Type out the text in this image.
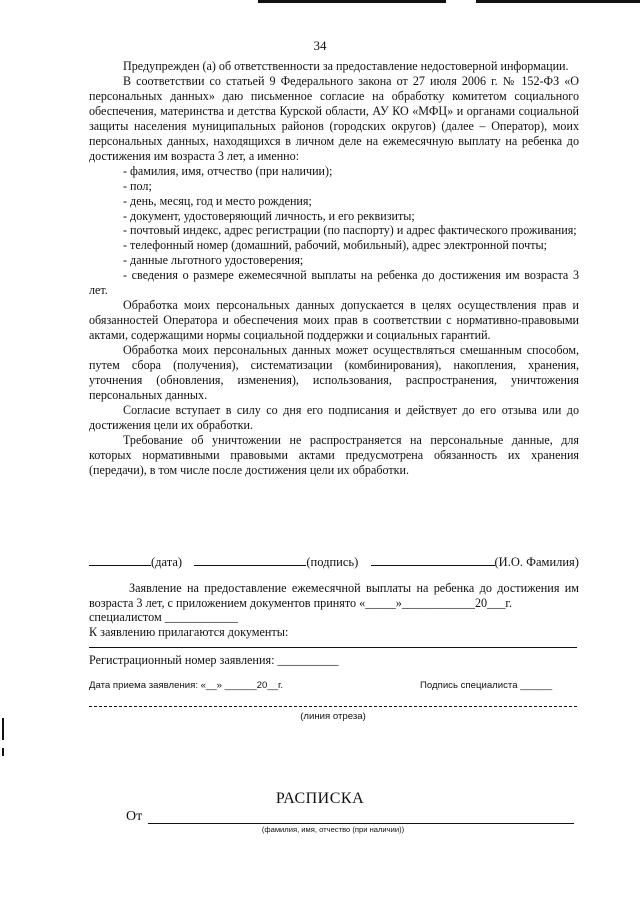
34

Предупрежден (а) об ответственности за предоставление недостоверной информации.

В соответствии со статьей 9 Федерального закона от 27 июля 2006 г. № 152-ФЗ «О персональных данных» даю письменное согласие на обработку комитетом социального обеспечения, материнства и детства Курской области, АУ КО «МФЦ» и органами социальной защиты населения муниципальных районов (городских округов) (далее – Оператор), моих персональных данных, находящихся в личном деле на ежемесячную выплату на ребенка до достижения им возраста 3 лет, а именно:

- фамилия, имя, отчество (при наличии);

- пол;

- день, месяц, год и место рождения;

- документ, удостоверяющий личность, и его реквизиты;

- почтовый индекс, адрес регистрации (по паспорту) и адрес фактического проживания;

- телефонный номер (домашний, рабочий, мобильный), адрес электронной почты;

- данные льготного удостоверения;

- сведения о размере ежемесячной выплаты на ребенка до достижения им возраста 3 лет.

Обработка моих персональных данных допускается в целях осуществления прав и обязанностей Оператора и обеспечения моих прав в соответствии с нормативно-правовыми актами, содержащими нормы социальной поддержки и социальных гарантий.

Обработка моих персональных данных может осуществляться смешанным способом, путем сбора (получения), систематизации (комбинирования), накопления, хранения, уточнения (обновления, изменения), использования, распространения, уничтожения персональных данных.

Согласие вступает в силу со дня его подписания и действует до его отзыва или до достижения цели их обработки.

Требование об уничтожении не распространяется на персональные данные, для которых нормативными правовыми актами предусмотрена обязанность их хранения (передачи), в том числе после достижения цели их обработки.

(дата)	(подпись)	(И.О. Фамилия)

Заявление на предоставление ежемесячной выплаты на ребенка до достижения им возраста 3 лет, с приложением документов принято «_____»____________20___г.

специалистом ____________

К заявлению прилагаются документы:

Регистрационный номер заявления: __________
Дата приема заявления: «__» ______20__г.	Подпись специалиста ______
(линия отреза)
РАСПИСКА
От
(фамилия, имя, отчество (при наличии))
